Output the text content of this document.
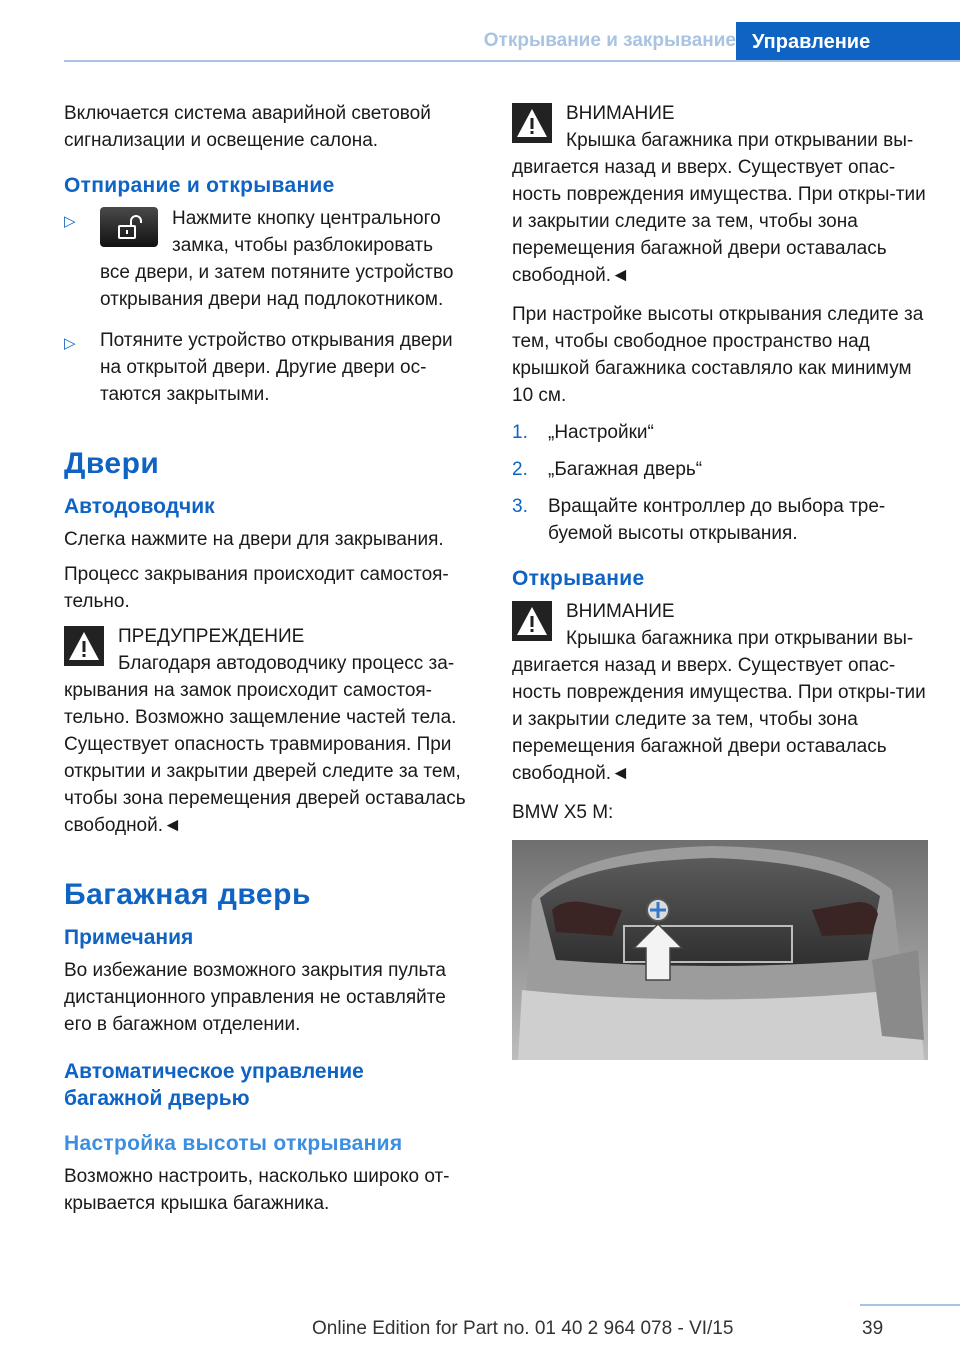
Открывание и закрывание Управление

Включается система аварийной световой сигнализации и освещение салона.

Отпирание и открывание
▷	Нажмите кнопку центрального замка, чтобы разблокировать все двери, и затем потяните устройство открывания двери над подлокотником.
▷ Потяните устройство открывания двери на открытой двери. Другие двери ос-таются закрытыми.
Двери
Автодоводчик

Слегка нажмите на двери для закрывания.

Процесс закрывания происходит самостоя-тельно.

ПРЕДУПРЕЖДЕНИЕ
Благодаря автодоводчику процесс за-крывания на замок происходит самостоя-тельно. Возможно защемление частей тела. Существует опасность травмирования. При открытии и закрытии дверей следите за тем, чтобы зона перемещения дверей оставалась свободной.◄
Багажная дверь
Примечания

Во избежание возможного закрытия пульта дистанционного управления не оставляйте его в багажном отделении.

Автоматическое управление багажной дверью
Настройка высоты открывания

Возможно настроить, насколько широко от-крывается крышка багажника.

ВНИМАНИЕ
Крышка багажника при открывании вы-двигается назад и вверх. Существует опас-ность повреждения имущества. При откры-тии и закрытии следите за тем, чтобы зона перемещения багажной двери оставалась свободной.◄

При настройке высоты открывания следите за тем, чтобы свободное пространство над крышкой багажника составляло как минимум 10 см.

1. „Настройки“
2. „Багажная дверь“
3. Вращайте контроллер до выбора тре-буемой высоты открывания.
Открывание
ВНИМАНИЕ
Крышка багажника при открывании вы-двигается назад и вверх. Существует опас-ность повреждения имущества. При откры-тии и закрытии следите за тем, чтобы зона перемещения багажной двери оставалась свободной.◄

BMW X5 M:

39
Online Edition for Part no. 01 40 2 964 078 - VI/15
